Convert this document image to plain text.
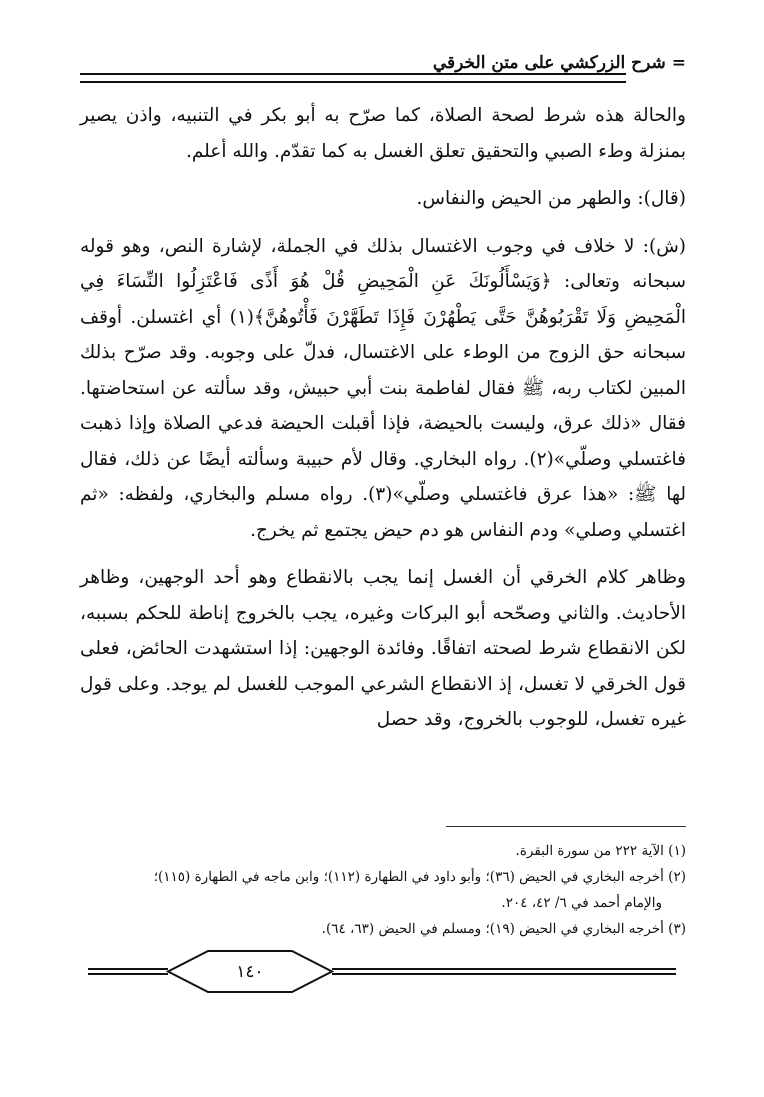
=شرح الزركشي على متن الخرقي

والحالة هذه شرط لصحة الصلاة، كما صرّح به أبو بكر في التنبيه، واذن يصير بمنزلة وطء الصبي والتحقيق تعلق الغسل به كما تقدّم. والله أعلم.

(قال): والطهر من الحيض والنفاس.

(ش): لا خلاف في وجوب الاغتسال بذلك في الجملة، لإشارة النص، وهو قوله سبحانه وتعالى: ﴿وَيَسْأَلُونَكَ عَنِ الْمَحِيضِ قُلْ هُوَ أَذًى فَاعْتَزِلُوا النِّسَاءَ فِي الْمَحِيضِ وَلَا تَقْرَبُوهُنَّ حَتَّى يَطْهُرْنَ فَإِذَا تَطَهَّرْنَ فَأْتُوهُنَّ﴾(١) أي اغتسلن. أوقف سبحانه حق الزوج من الوطء على الاغتسال، فدلّ على وجوبه. وقد صرّح بذلك المبين لكتاب ربه، ﷺ فقال لفاطمة بنت أبي حبيش، وقد سألته عن استحاضتها. فقال «ذلك عرق، وليست بالحيضة، فإذا أقبلت الحيضة فدعي الصلاة وإذا ذهبت فاغتسلي وصلّي»(٢). رواه البخاري. وقال لأم حبيبة وسألته أيضًا عن ذلك، فقال لها ﷺ: «هذا عرق فاغتسلي وصلّي»(٣). رواه مسلم والبخاري، ولفظه: «ثم اغتسلي وصلي» ودم النفاس هو دم حيض يجتمع ثم يخرج.

وظاهر كلام الخرقي أن الغسل إنما يجب بالانقطاع وهو أحد الوجهين، وظاهر الأحاديث. والثاني وصحّحه أبو البركات وغيره، يجب بالخروج إناطة للحكم بسببه، لكن الانقطاع شرط لصحته اتفاقًا. وفائدة الوجهين: إذا استشهدت الحائض، فعلى قول الخرقي لا تغسل، إذ الانقطاع الشرعي الموجب للغسل لم يوجد. وعلى قول غيره تغسل، للوجوب بالخروج، وقد حصل

(١) الآية ٢٢٢ من سورة البقرة.

(٢) أخرجه البخاري في الحيض (٣٦)؛ وأبو داود في الطهارة (١١٢)؛ وابن ماجه في الطهارة (١١٥)؛

والإمام أحمد في ٦/ ٤٢، ٢٠٤.

(٣) أخرجه البخاري في الحيض (١٩)؛ ومسلم في الحيض (٦٣، ٦٤).

١٤٠
